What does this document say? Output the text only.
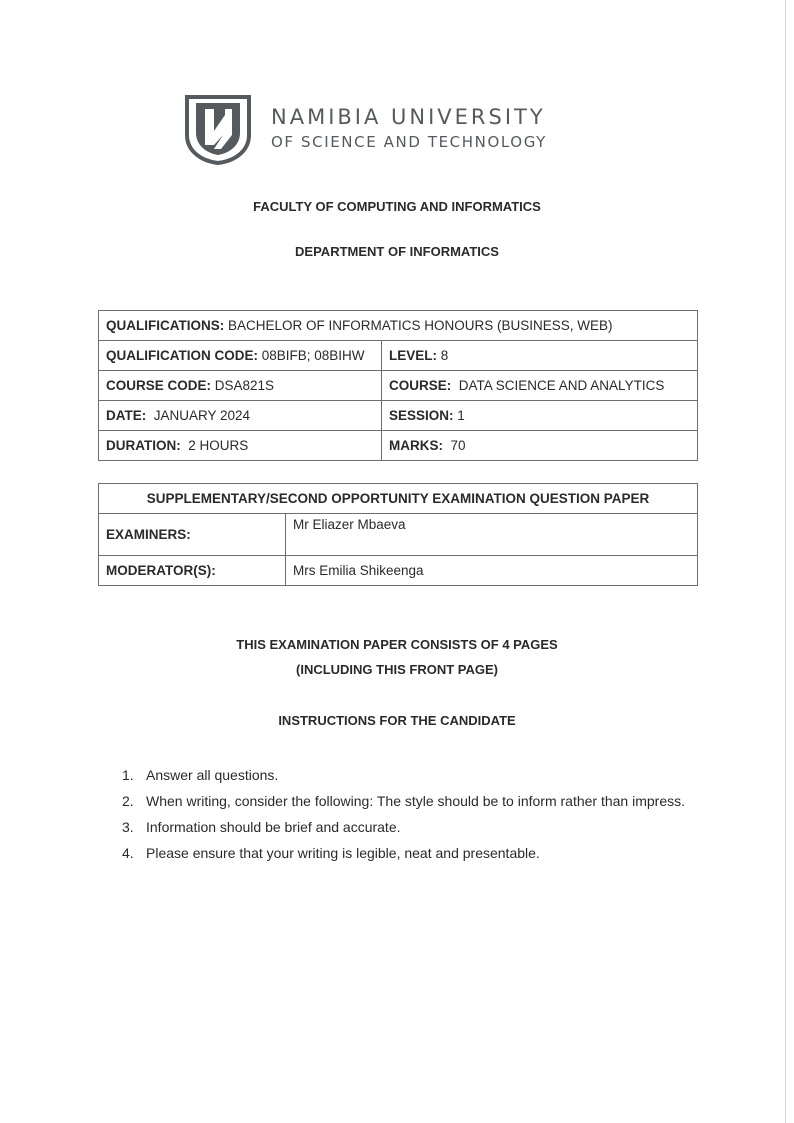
NAMIBIA UNIVERSITY
OF SCIENCE AND TECHNOLOGY
FACULTY OF COMPUTING AND INFORMATICS
DEPARTMENT OF INFORMATICS
QUALIFICATIONS: BACHELOR OF INFORMATICS HONOURS (BUSINESS, WEB)	
QUALIFICATION CODE: 08BIFB; 08BIHW	LEVEL: 8
COURSE CODE: DSA821S	COURSE:  DATA SCIENCE AND ANALYTICS
DATE:  JANUARY 2024	SESSION: 1
DURATION:  2 HOURS	MARKS:  70
SUPPLEMENTARY/SECOND OPPORTUNITY EXAMINATION QUESTION PAPER	
EXAMINERS:	Mr Eliazer Mbaeva
MODERATOR(S):	Mrs Emilia Shikeenga
THIS EXAMINATION PAPER CONSISTS OF 4 PAGES
(INCLUDING THIS FRONT PAGE)
INSTRUCTIONS FOR THE CANDIDATE
1. Answer all questions.
2. When writing, consider the following: The style should be to inform rather than impress.
3. Information should be brief and accurate.
4. Please ensure that your writing is legible, neat and presentable.
